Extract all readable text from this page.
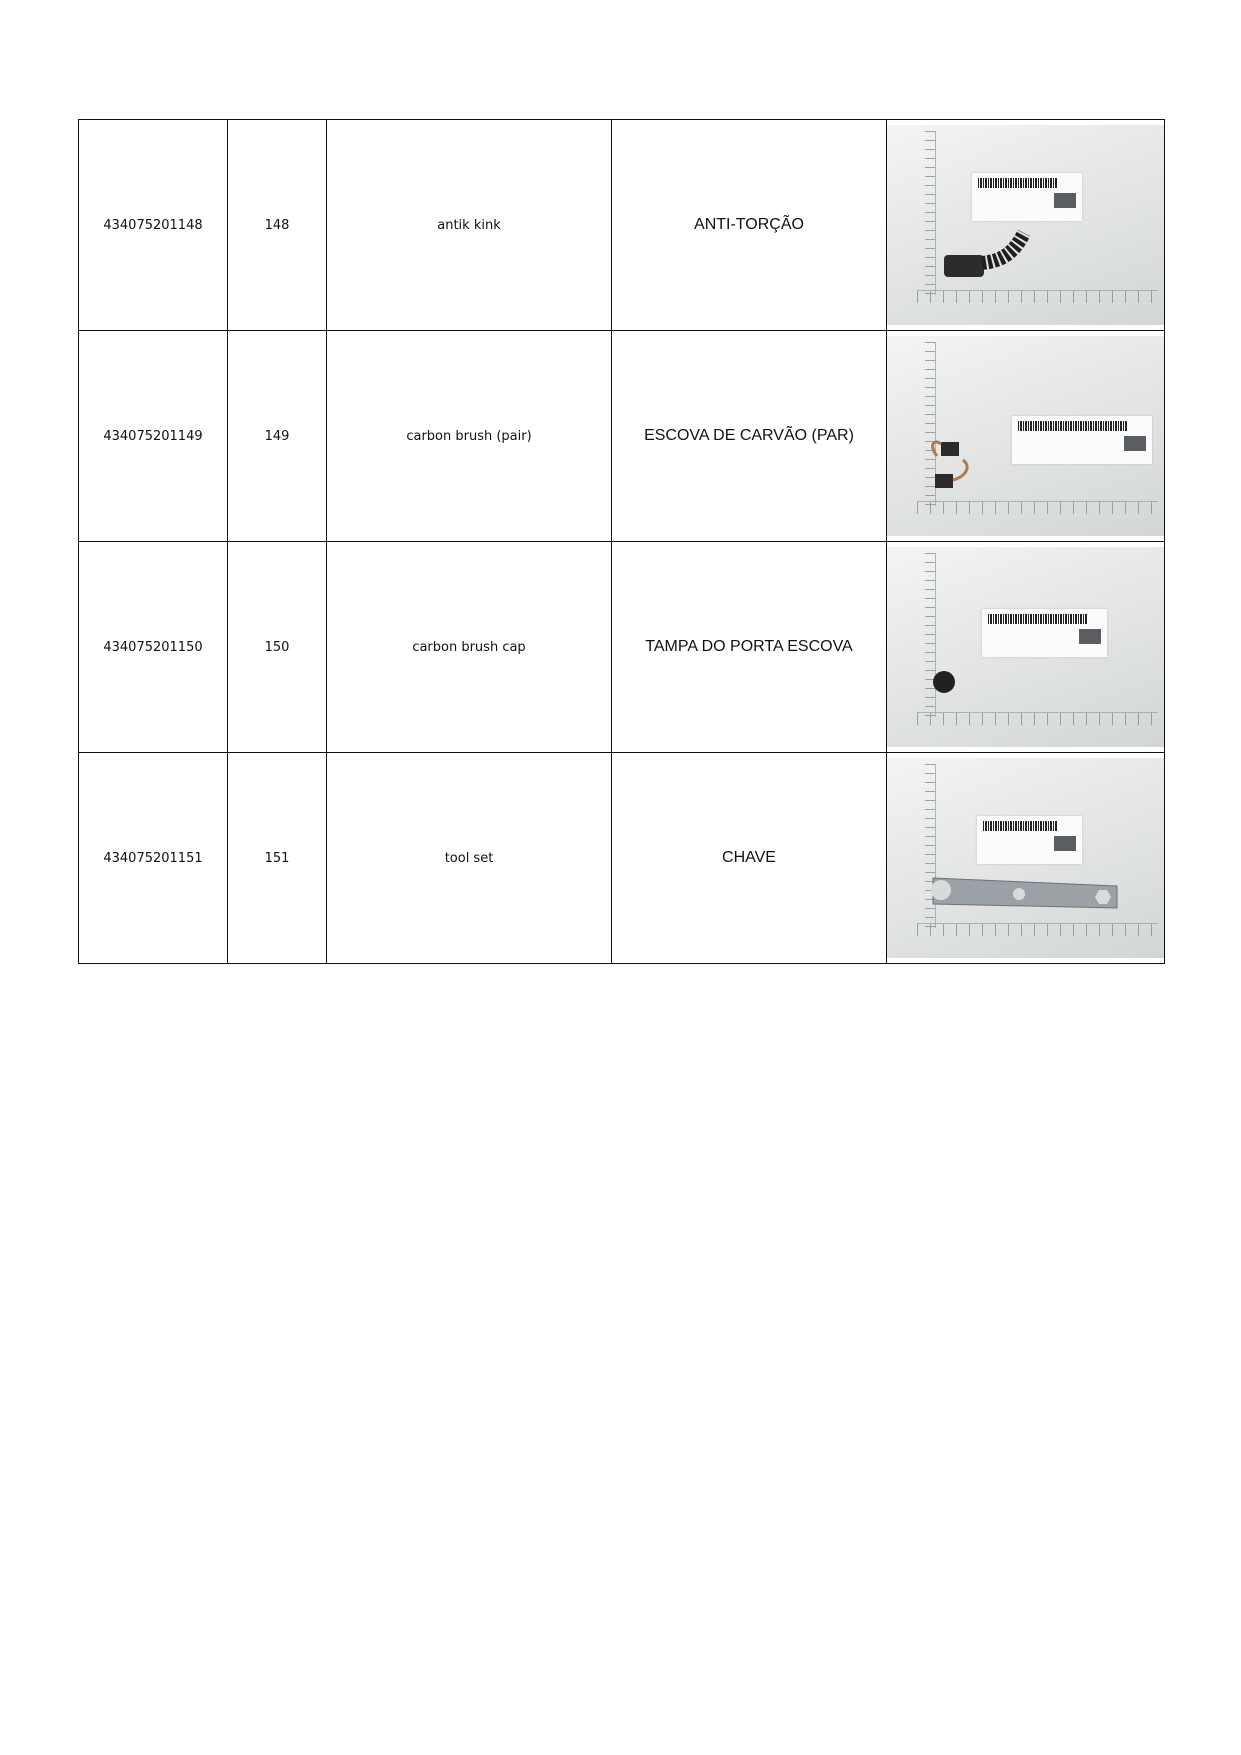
434075201148	148	antik kink	ANTI-TORÇÃO	

434075201149	149	carbon brush (pair)	ESCOVA DE CARVÃO (PAR)	

434075201150	150	carbon brush cap	TAMPA DO PORTA ESCOVA	

434075201151	151	tool set	CHAVE	
